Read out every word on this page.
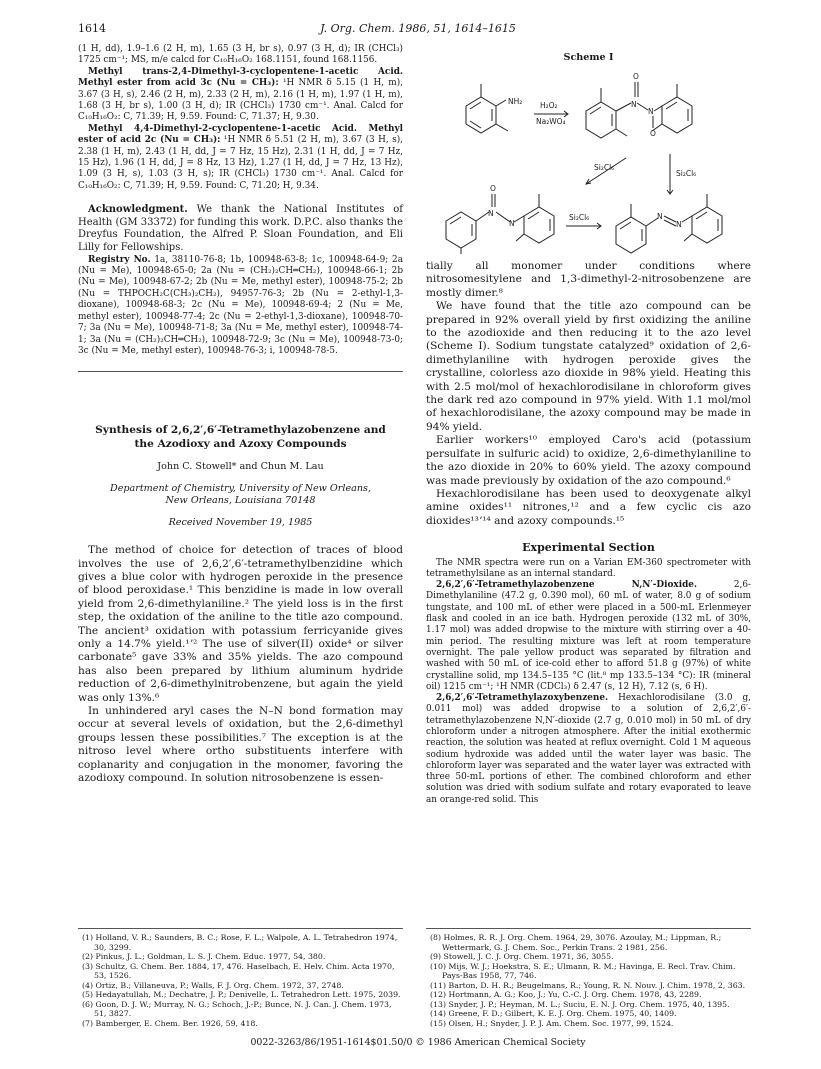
J. Org. Chem. 1986, 51, 1614–1615
1614

(1 H, dd), 1.9–1.6 (2 H, m), 1.65 (3 H, br s), 0.97 (3 H, d); IR (CHCl₃) 1725 cm⁻¹; MS, m/e calcd for C₁₀H₁₆O₂ 168.1151, found 168.1156.

Methyl trans-2,4-Dimethyl-3-cyclopentene-1-acetic Acid. Methyl ester from acid 3c (Nu = CH₃): ¹H NMR δ 5.15 (1 H, m), 3.67 (3 H, s), 2.46 (2 H, m), 2.33 (2 H, m), 2.16 (1 H, m), 1.97 (1 H, m), 1.68 (3 H, br s), 1.00 (3 H, d); IR (CHCl₃) 1730 cm⁻¹. Anal. Calcd for C₁₀H₁₆O₂: C, 71.39; H, 9.59. Found: C, 71.37; H, 9.30.

Methyl 4,4-Dimethyl-2-cyclopentene-1-acetic Acid. Methyl ester of acid 2c (Nu = CH₃): ¹H NMR δ 5.51 (2 H, m), 3.67 (3 H, s), 2.38 (1 H, m), 2.43 (1 H, dd, J = 7 Hz, 15 Hz), 2.31 (1 H, dd, J = 7 Hz, 15 Hz), 1.96 (1 H, dd, J = 8 Hz, 13 Hz), 1.27 (1 H, dd, J = 7 Hz, 13 Hz), 1.09 (3 H, s), 1.03 (3 H, s); IR (CHCl₃) 1730 cm⁻¹. Anal. Calcd for C₁₀H₁₆O₂: C, 71.39; H, 9.59. Found: C, 71.20; H, 9.34.

Acknowledgment. We thank the National Institutes of Health (GM 33372) for funding this work. D.P.C. also thanks the Dreyfus Foundation, the Alfred P. Sloan Foundation, and Eli Lilly for Fellowships.

Registry No. 1a, 38110-76-8; 1b, 100948-63-8; 1c, 100948-64-9; 2a (Nu = Me), 100948-65-0; 2a (Nu = (CH₂)₂CH═CH₂), 100948-66-1; 2b (Nu = Me), 100948-67-2; 2b (Nu = Me, methyl ester), 100948-75-2; 2b (Nu = THPOCH₂C(CH₃)₂CH₂), 94957-76-3; 2b (Nu = 2-ethyl-1,3-dioxane), 100948-68-3; 2c (Nu = Me), 100948-69-4; 2 (Nu = Me, methyl ester), 100948-77-4; 2c (Nu = 2-ethyl-1,3-dioxane), 100948-70-7; 3a (Nu = Me), 100948-71-8; 3a (Nu = Me, methyl ester), 100948-74-1; 3a (Nu = (CH₂)₂CH═CH₂), 100948-72-9; 3c (Nu = Me), 100948-73-0; 3c (Nu = Me, methyl ester), 100948-76-3; i, 100948-78-5.

Synthesis of 2,6,2′,6′-Tetramethylazobenzene and
the Azodioxy and Azoxy Compounds
John C. Stowell* and Chun M. Lau
Department of Chemistry, University of New Orleans,
New Orleans, Louisiana 70148
Received November 19, 1985

The method of choice for detection of traces of blood involves the use of 2,6,2′,6′-tetramethylbenzidine which gives a blue color with hydrogen peroxide in the presence of blood peroxidase.¹ This benzidine is made in low overall yield from 2,6-dimethylaniline.² The yield loss is in the first step, the oxidation of the aniline to the title azo compound. The ancient³ oxidation with potassium ferricyanide gives only a 14.7% yield.¹ʼ² The use of silver(II) oxide⁴ or silver carbonate⁵ gave 33% and 35% yields. The azo compound has also been prepared by lithium aluminum hydride reduction of 2,6-dimethylnitrobenzene, but again the yield was only 13%.⁶

In unhindered aryl cases the N–N bond formation may occur at several levels of oxidation, but the 2,6-dimethyl groups lessen these possibilities.⁷ The exception is at the nitroso level where ortho substituents interfere with coplanarity and conjugation in the monomer, favoring the azodioxy compound. In solution nitrosobenzene is essen-

Scheme I
NH₂ H₂O₂
Na₂WO₄
N
N
O
O
Si₂Cl₆
Si₂Cl₆
N
N
O
Si₂Cl₆	N
N

tially all monomer under conditions where nitrosomesitylene and 1,3-dimethyl-2-nitrosobenzene are mostly dimer.⁸

We have found that the title azo compound can be prepared in 92% overall yield by first oxidizing the aniline to the azodioxide and then reducing it to the azo level (Scheme I). Sodium tungstate catalyzed⁹ oxidation of 2,6-dimethylaniline with hydrogen peroxide gives the crystalline, colorless azo dioxide in 98% yield. Heating this with 2.5 mol/mol of hexachlorodisilane in chloroform gives the dark red azo compound in 97% yield. With 1.1 mol/mol of hexachlorodisilane, the azoxy compound may be made in 94% yield.

Earlier workers¹⁰ employed Caro's acid (potassium persulfate in sulfuric acid) to oxidize, 2,6-dimethylaniline to the azo dioxide in 20% to 60% yield. The azoxy compound was made previously by oxidation of the azo compound.⁶

Hexachlorodisilane has been used to deoxygenate alkyl amine oxides¹¹ nitrones,¹² and a few cyclic cis azo dioxides¹³ʼ¹⁴ and azoxy compounds.¹⁵

Experimental Section

The NMR spectra were run on a Varian EM-360 spectrometer with tetramethylsilane as an internal standard.

2,6,2′,6′-Tetramethylazobenzene N,N′-Dioxide. 2,6-Dimethylaniline (47.2 g, 0.390 mol), 60 mL of water, 8.0 g of sodium tungstate, and 100 mL of ether were placed in a 500-mL Erlenmeyer flask and cooled in an ice bath. Hydrogen peroxide (132 mL of 30%, 1.17 mol) was added dropwise to the mixture with stirring over a 40-min period. The resulting mixture was left at room temperature overnight. The pale yellow product was separated by filtration and washed with 50 mL of ice-cold ether to afford 51.8 g (97%) of white crystalline solid, mp 134.5–135 °C (lit.⁸ mp 133.5–134 °C): IR (mineral oil) 1215 cm⁻¹; ¹H NMR (CDCl₃) δ 2.47 (s, 12 H), 7.12 (s, 6 H).

2,6,2′,6′-Tetramethylazoxybenzene. Hexachlorodisilane (3.0 g, 0.011 mol) was added dropwise to a solution of 2,6,2′,6′-tetramethylazobenzene N,N′-dioxide (2.7 g, 0.010 mol) in 50 mL of dry chloroform under a nitrogen atmosphere. After the initial exothermic reaction, the solution was heated at reflux overnight. Cold 1 M aqueous sodium hydroxide was added until the water layer was basic. The chloroform layer was separated and the water layer was extracted with three 50-mL portions of ether. The combined chloroform and ether solution was dried with sodium sulfate and rotary evaporated to leave an orange-red solid. This

(1) Holland, V. R.; Saunders, B. C.; Rose, F. L.; Walpole, A. L. Tetrahedron 1974, 30, 3299.
(2) Pinkus, J. L.; Goldman, L. S. J. Chem. Educ. 1977, 54, 380.
(3) Schultz, G. Chem. Ber. 1884, 17, 476. Haselbach, E. Helv. Chim. Acta 1970, 53, 1526.
(4) Ortiz, B.; Villaneuva, P.; Walls, F. J. Org. Chem. 1972, 37, 2748.
(5) Hedayatullah, M.; Dechatre, J. P.; Denivelle, L. Tetrahedron Lett. 1975, 2039.
(6) Goon, D. J. W.; Murray, N. G.; Schoch, J.-P.; Bunce, N. J. Can. J. Chem. 1973, 51, 3827.
(7) Bamberger, E. Chem. Ber. 1926, 59, 418.
(8) Holmes, R. R. J. Org. Chem. 1964, 29, 3076. Azoulay, M.; Lippman, R.; Wettermark, G. J. Chem. Soc., Perkin Trans. 2 1981, 256.
(9) Stowell, J. C. J. Org. Chem. 1971, 36, 3055.
(10) Mijs, W. J.; Hoekstra, S. E.; Ulmann, R. M.; Havinga, E. Recl. Trav. Chim. Pays-Bas 1958, 77, 746.
(11) Barton, D. H. R.; Beugelmans, R.; Young, R. N. Nouv. J. Chim. 1978, 2, 363.
(12) Hortmann, A. G.; Koo, J.; Yu, C.-C. J. Org. Chem. 1978, 43, 2289.
(13) Snyder, J. P.; Heyman, M. L.; Suciu, E. N. J. Org. Chem. 1975, 40, 1395.
(14) Greene, F. D.; Gilbert, K. E. J. Org. Chem. 1975, 40, 1409.
(15) Olsen, H.; Snyder, J. P. J. Am. Chem. Soc. 1977, 99, 1524.
0022-3263/86/1951-1614$01.50/0 © 1986 American Chemical Society
